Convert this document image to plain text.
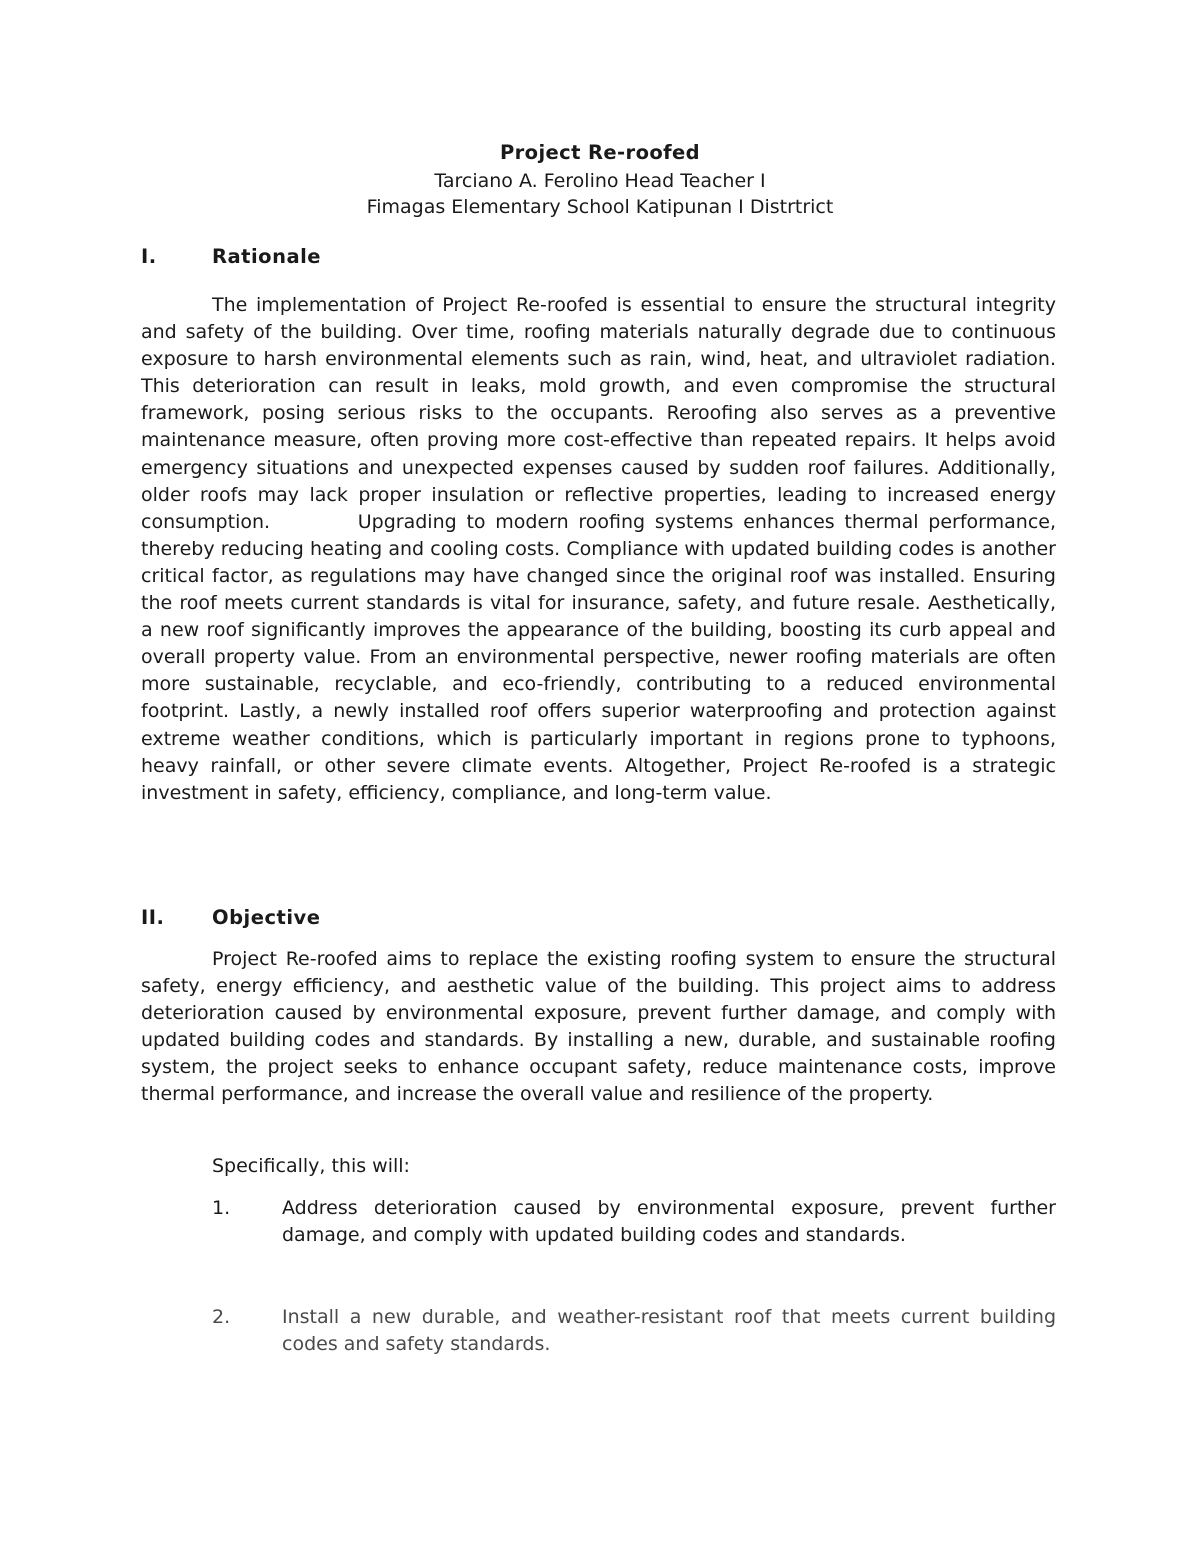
Project Re-roofed
Tarciano A. Ferolino Head Teacher I
Fimagas Elementary School Katipunan I Distrtrict
I.	Rationale

The implementation of Project Re-roofed is essential to ensure the structural integrity and safety of the building. Over time, roofing materials naturally degrade due to continuous exposure to harsh environmental elements such as rain, wind, heat, and ultraviolet radiation. This deterioration can result in leaks, mold growth, and even compromise the structural framework, posing serious risks to the occupants. Reroofing also serves as a preventive maintenance measure, often proving more cost-effective than repeated repairs. It helps avoid emergency situations and unexpected expenses caused by sudden roof failures. Additionally, older roofs may lack proper insulation or reflective properties, leading to increased energy consumption.         Upgrading to modern roofing systems enhances thermal performance, thereby reducing heating and cooling costs. Compliance with updated building codes is another critical factor, as regulations may have changed since the original roof was installed. Ensuring the roof meets current standards is vital for insurance, safety, and future resale. Aesthetically, a new roof significantly improves the appearance of the building, boosting its curb appeal and overall property value. From an environmental perspective, newer roofing materials are often more sustainable, recyclable, and eco-friendly, contributing to a reduced environmental footprint. Lastly, a newly installed roof offers superior waterproofing and protection against extreme weather conditions, which is particularly important in regions prone to typhoons, heavy rainfall, or other severe climate events. Altogether, Project Re-roofed is a strategic investment in safety, efficiency, compliance, and long-term value.

II. Objective

Project Re-roofed aims to replace the existing roofing system to ensure the structural safety, energy efficiency, and aesthetic value of the building. This project aims to address deterioration caused by environmental exposure, prevent further damage, and comply with updated building codes and standards. By installing a new, durable, and sustainable roofing system, the project seeks to enhance occupant safety, reduce maintenance costs, improve thermal performance, and increase the overall value and resilience of the property.

Specifically, this will:

1.	Address deterioration caused by environmental exposure, prevent further damage, and comply with updated building codes and standards.
2.	Install a new durable, and weather-resistant roof that meets current building codes and safety standards.
